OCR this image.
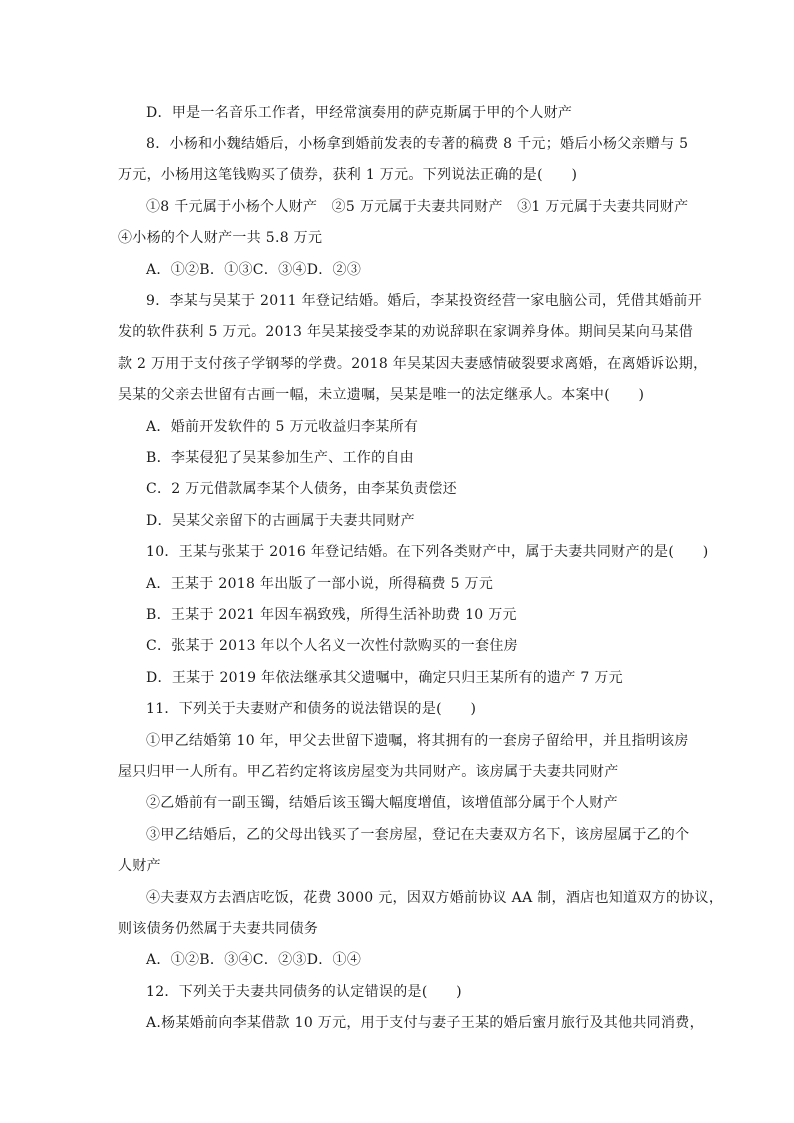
D．甲是一名音乐工作者，甲经常演奏用的萨克斯属于甲的个人财产
8．小杨和小魏结婚后，小杨拿到婚前发表的专著的稿费 8 千元；婚后小杨父亲赠与 5
万元，小杨用这笔钱购买了债券，获利 1 万元。下列说法正确的是(　　)
①8 千元属于小杨个人财产　②5 万元属于夫妻共同财产　③1 万元属于夫妻共同财产
④小杨的个人财产一共 5.8 万元
A．①②B．①③C．③④D．②③
9．李某与吴某于 2011 年登记结婚。婚后，李某投资经营一家电脑公司，凭借其婚前开
发的软件获利 5 万元。2013 年吴某接受李某的劝说辞职在家调养身体。期间吴某向马某借
款 2 万用于支付孩子学钢琴的学费。2018 年吴某因夫妻感情破裂要求离婚，在离婚诉讼期，
吴某的父亲去世留有古画一幅，未立遗嘱，吴某是唯一的法定继承人。本案中(　　)
A．婚前开发软件的 5 万元收益归李某所有
B．李某侵犯了吴某参加生产、工作的自由
C．2 万元借款属李某个人债务，由李某负责偿还
D．吴某父亲留下的古画属于夫妻共同财产
10．王某与张某于 2016 年登记结婚。在下列各类财产中，属于夫妻共同财产的是(　　)
A．王某于 2018 年出版了一部小说，所得稿费 5 万元
B．王某于 2021 年因车祸致残，所得生活补助费 10 万元
C．张某于 2013 年以个人名义一次性付款购买的一套住房
D．王某于 2019 年依法继承其父遗嘱中，确定只归王某所有的遗产 7 万元
11．下列关于夫妻财产和债务的说法错误的是(　　)
①甲乙结婚第 10 年，甲父去世留下遗嘱，将其拥有的一套房子留给甲，并且指明该房
屋只归甲一人所有。甲乙若约定将该房屋变为共同财产。该房属于夫妻共同财产
②乙婚前有一副玉镯，结婚后该玉镯大幅度增值，该增值部分属于个人财产
③甲乙结婚后，乙的父母出钱买了一套房屋，登记在夫妻双方名下，该房屋属于乙的个
人财产
④夫妻双方去酒店吃饭，花费 3000 元，因双方婚前协议 AA 制，酒店也知道双方的协议，
则该债务仍然属于夫妻共同债务
A．①②B．③④C．②③D．①④
12．下列关于夫妻共同债务的认定错误的是(　　)
A.杨某婚前向李某借款 10 万元，用于支付与妻子王某的婚后蜜月旅行及其他共同消费，
